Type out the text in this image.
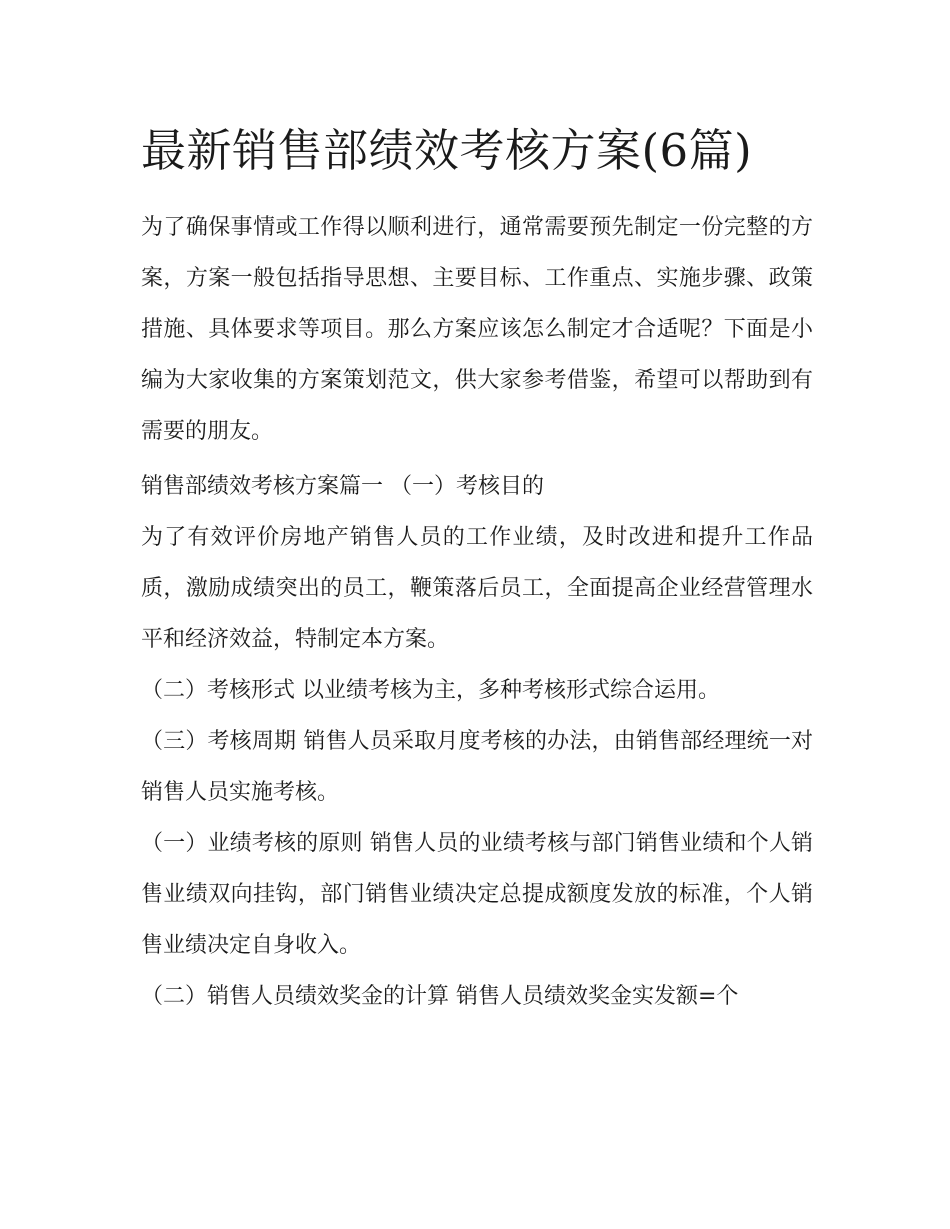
最新销售部绩效考核方案(6篇)

为了确保事情或工作得以顺利进行，通常需要预先制定一份完整的方案，方案一般包括指导思想、主要目标、工作重点、实施步骤、政策措施、具体要求等项目。那么方案应该怎么制定才合适呢？下面是小编为大家收集的方案策划范文，供大家参考借鉴，希望可以帮助到有需要的朋友。

销售部绩效考核方案篇一 （一）考核目的

为了有效评价房地产销售人员的工作业绩，及时改进和提升工作品质，激励成绩突出的员工，鞭策落后员工，全面提高企业经营管理水平和经济效益，特制定本方案。

（二）考核形式 以业绩考核为主，多种考核形式综合运用。

（三）考核周期 销售人员采取月度考核的办法，由销售部经理统一对销售人员实施考核。

（一）业绩考核的原则 销售人员的业绩考核与部门销售业绩和个人销售业绩双向挂钩，部门销售业绩决定总提成额度发放的标准，个人销售业绩决定自身收入。

（二）销售人员绩效奖金的计算 销售人员绩效奖金实发额=个
